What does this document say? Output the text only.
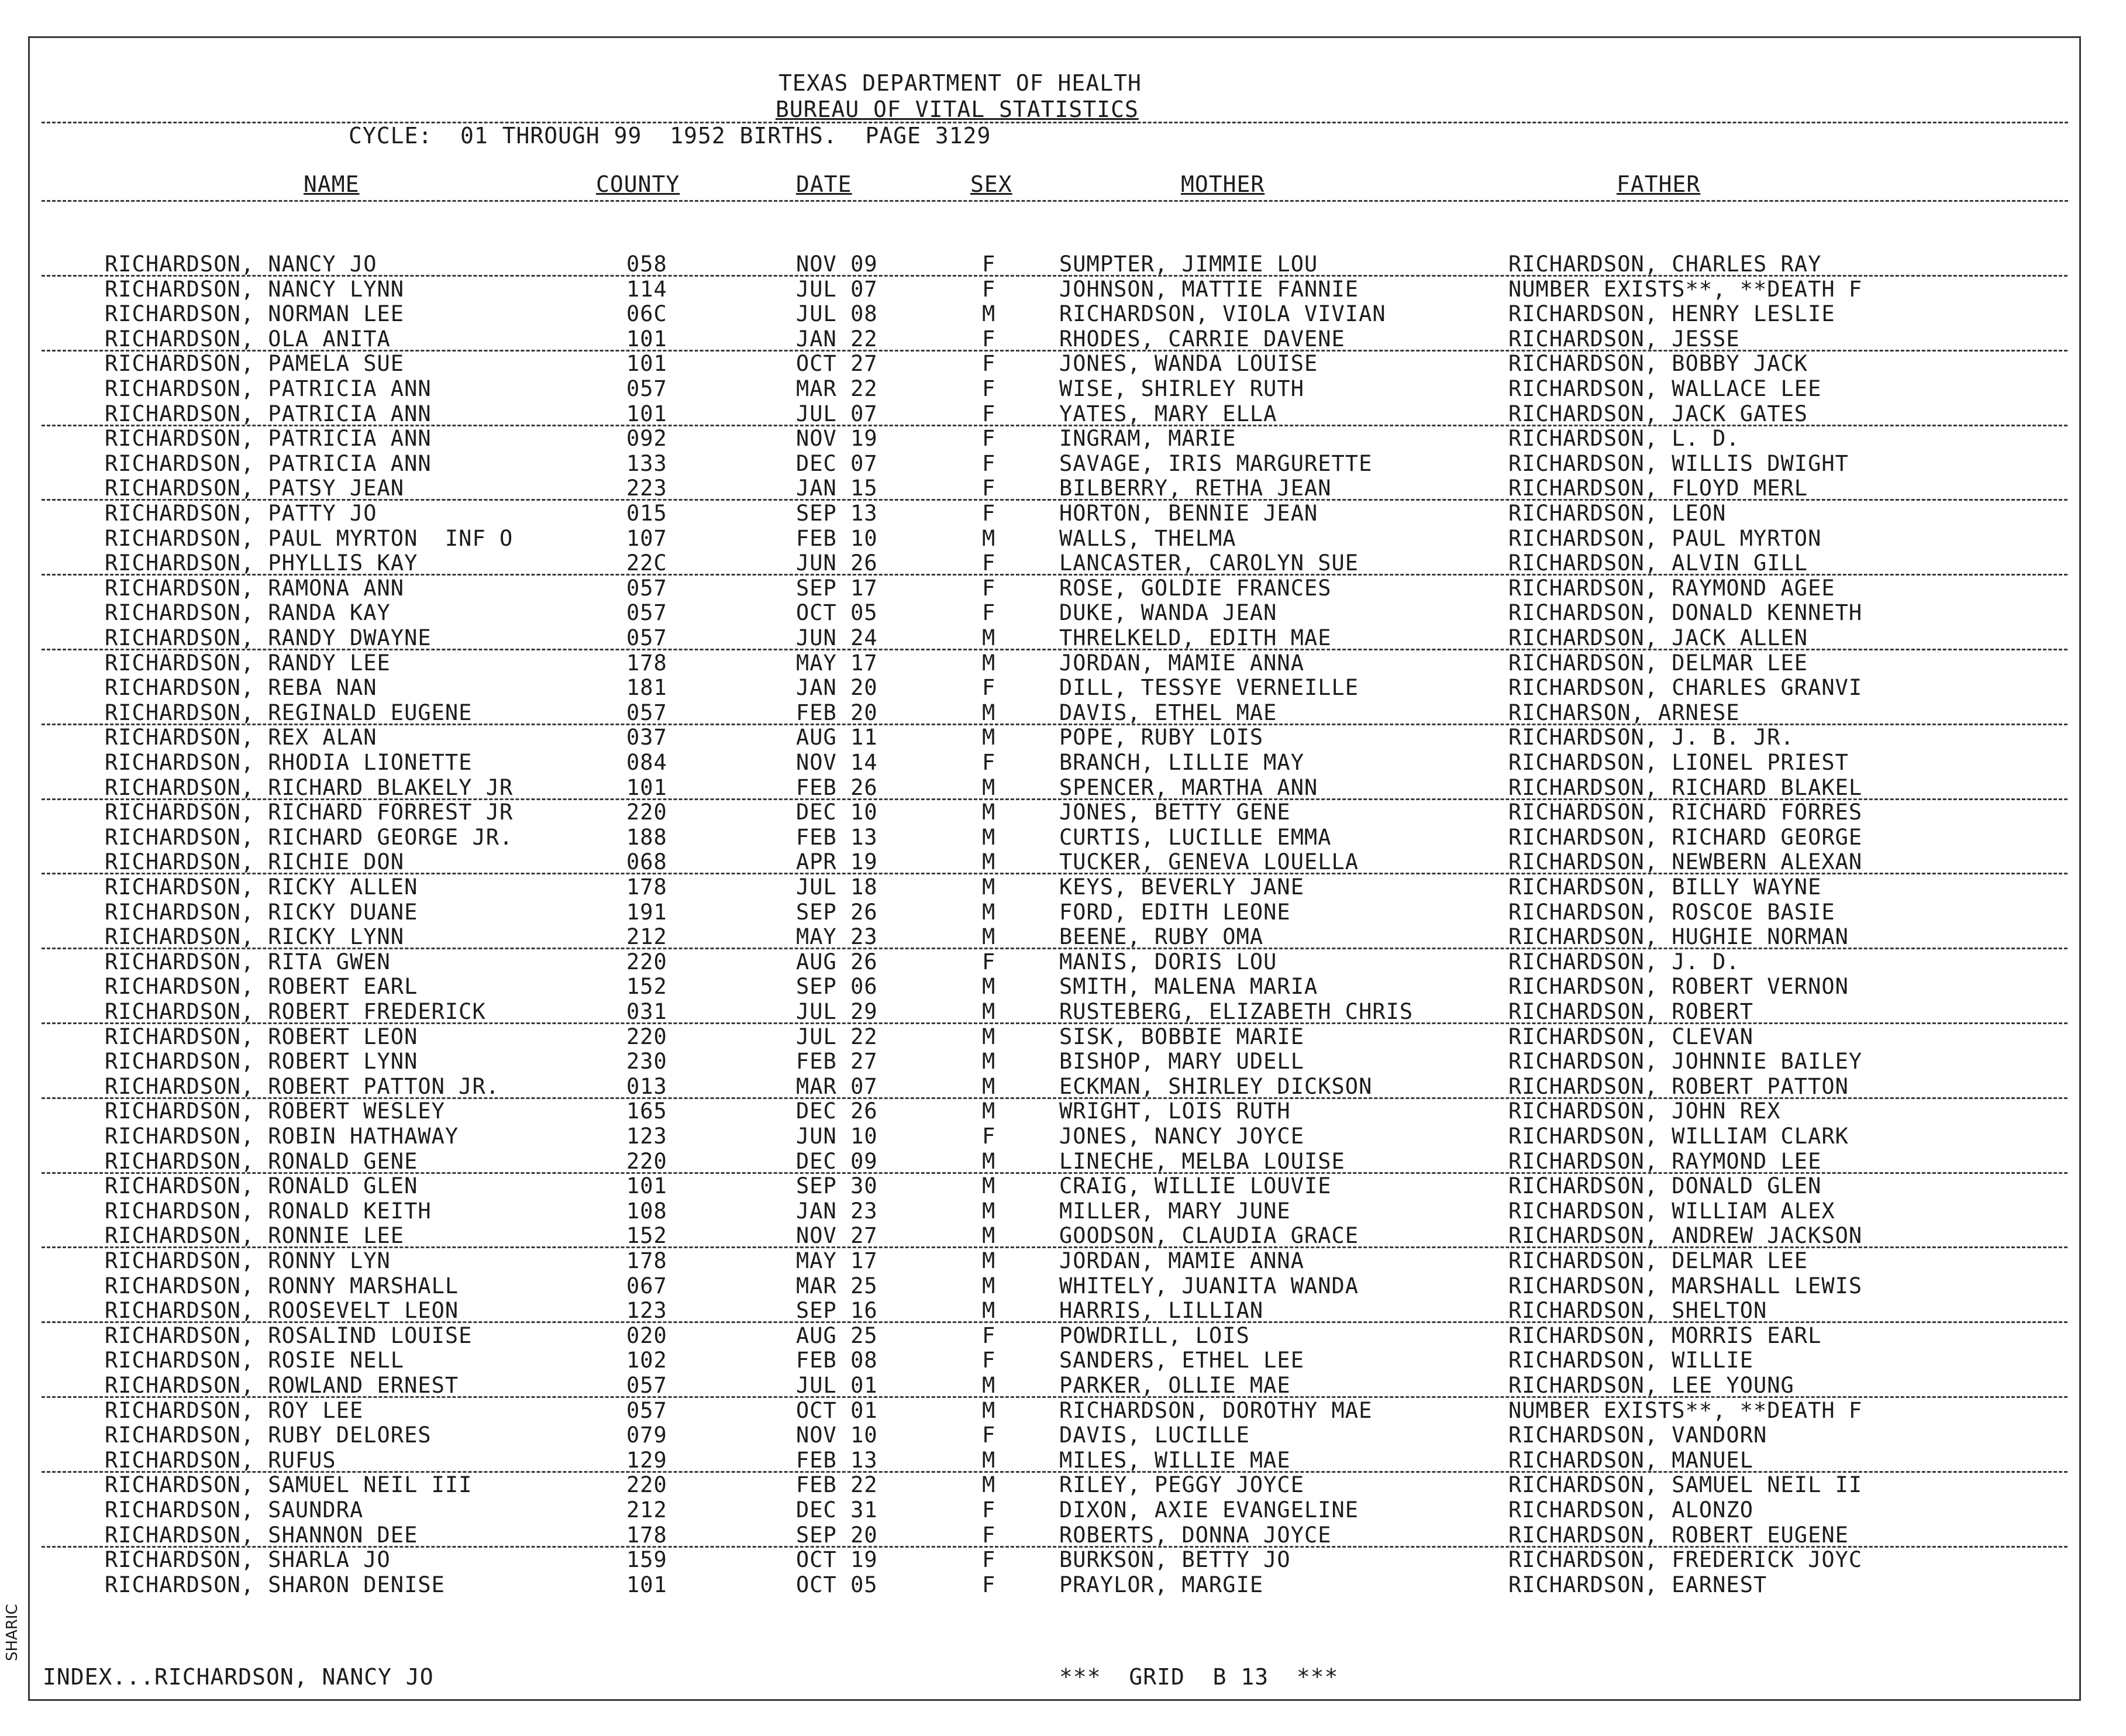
TEXAS DEPARTMENT OF HEALTH
BUREAU OF VITAL STATISTICS
CYCLE:  01 THROUGH 99  1952 BIRTHS.  PAGE 3129
NAME	COUNTY	DATE	SEX	MOTHER	FATHER
RICHARDSON, NANCY JO	058	NOV 09	F	SUMPTER, JIMMIE LOU	RICHARDSON, CHARLES RAY
RICHARDSON, NANCY LYNN	114	JUL 07	F	JOHNSON, MATTIE FANNIE	NUMBER EXISTS**, **DEATH F
RICHARDSON, NORMAN LEE	06C	JUL 08	M	RICHARDSON, VIOLA VIVIAN	RICHARDSON, HENRY LESLIE
RICHARDSON, OLA ANITA	101	JAN 22	F	RHODES, CARRIE DAVENE	RICHARDSON, JESSE
RICHARDSON, PAMELA SUE	101	OCT 27	F	JONES, WANDA LOUISE	RICHARDSON, BOBBY JACK
RICHARDSON, PATRICIA ANN	057	MAR 22	F	WISE, SHIRLEY RUTH	RICHARDSON, WALLACE LEE
RICHARDSON, PATRICIA ANN	101	JUL 07	F	YATES, MARY ELLA	RICHARDSON, JACK GATES
RICHARDSON, PATRICIA ANN	092	NOV 19	F	INGRAM, MARIE	RICHARDSON, L. D.
RICHARDSON, PATRICIA ANN	133	DEC 07	F	SAVAGE, IRIS MARGURETTE	RICHARDSON, WILLIS DWIGHT
RICHARDSON, PATSY JEAN	223	JAN 15	F	BILBERRY, RETHA JEAN	RICHARDSON, FLOYD MERL
RICHARDSON, PATTY JO	015	SEP 13	F	HORTON, BENNIE JEAN	RICHARDSON, LEON
RICHARDSON, PAUL MYRTON  INF O	107	FEB 10	M	WALLS, THELMA	RICHARDSON, PAUL MYRTON
RICHARDSON, PHYLLIS KAY	22C	JUN 26	F	LANCASTER, CAROLYN SUE	RICHARDSON, ALVIN GILL
RICHARDSON, RAMONA ANN	057	SEP 17	F	ROSE, GOLDIE FRANCES	RICHARDSON, RAYMOND AGEE
RICHARDSON, RANDA KAY	057	OCT 05	F	DUKE, WANDA JEAN	RICHARDSON, DONALD KENNETH
RICHARDSON, RANDY DWAYNE	057	JUN 24	M	THRELKELD, EDITH MAE	RICHARDSON, JACK ALLEN
RICHARDSON, RANDY LEE	178	MAY 17	M	JORDAN, MAMIE ANNA	RICHARDSON, DELMAR LEE
RICHARDSON, REBA NAN	181	JAN 20	F	DILL, TESSYE VERNEILLE	RICHARDSON, CHARLES GRANVI
RICHARDSON, REGINALD EUGENE	057	FEB 20	M	DAVIS, ETHEL MAE	RICHARSON, ARNESE
RICHARDSON, REX ALAN	037	AUG 11	M	POPE, RUBY LOIS	RICHARDSON, J. B. JR.
RICHARDSON, RHODIA LIONETTE	084	NOV 14	F	BRANCH, LILLIE MAY	RICHARDSON, LIONEL PRIEST
RICHARDSON, RICHARD BLAKELY JR	101	FEB 26	M	SPENCER, MARTHA ANN	RICHARDSON, RICHARD BLAKEL
RICHARDSON, RICHARD FORREST JR	220	DEC 10	M	JONES, BETTY GENE	RICHARDSON, RICHARD FORRES
RICHARDSON, RICHARD GEORGE JR.	188	FEB 13	M	CURTIS, LUCILLE EMMA	RICHARDSON, RICHARD GEORGE
RICHARDSON, RICHIE DON	068	APR 19	M	TUCKER, GENEVA LOUELLA	RICHARDSON, NEWBERN ALEXAN
RICHARDSON, RICKY ALLEN	178	JUL 18	M	KEYS, BEVERLY JANE	RICHARDSON, BILLY WAYNE
RICHARDSON, RICKY DUANE	191	SEP 26	M	FORD, EDITH LEONE	RICHARDSON, ROSCOE BASIE
RICHARDSON, RICKY LYNN	212	MAY 23	M	BEENE, RUBY OMA	RICHARDSON, HUGHIE NORMAN
RICHARDSON, RITA GWEN	220	AUG 26	F	MANIS, DORIS LOU	RICHARDSON, J. D.
RICHARDSON, ROBERT EARL	152	SEP 06	M	SMITH, MALENA MARIA	RICHARDSON, ROBERT VERNON
RICHARDSON, ROBERT FREDERICK	031	JUL 29	M	RUSTEBERG, ELIZABETH CHRIS	RICHARDSON, ROBERT
RICHARDSON, ROBERT LEON	220	JUL 22	M	SISK, BOBBIE MARIE	RICHARDSON, CLEVAN
RICHARDSON, ROBERT LYNN	230	FEB 27	M	BISHOP, MARY UDELL	RICHARDSON, JOHNNIE BAILEY
RICHARDSON, ROBERT PATTON JR.	013	MAR 07	M	ECKMAN, SHIRLEY DICKSON	RICHARDSON, ROBERT PATTON
RICHARDSON, ROBERT WESLEY	165	DEC 26	M	WRIGHT, LOIS RUTH	RICHARDSON, JOHN REX
RICHARDSON, ROBIN HATHAWAY	123	JUN 10	F	JONES, NANCY JOYCE	RICHARDSON, WILLIAM CLARK
RICHARDSON, RONALD GENE	220	DEC 09	M	LINECHE, MELBA LOUISE	RICHARDSON, RAYMOND LEE
RICHARDSON, RONALD GLEN	101	SEP 30	M	CRAIG, WILLIE LOUVIE	RICHARDSON, DONALD GLEN
RICHARDSON, RONALD KEITH	108	JAN 23	M	MILLER, MARY JUNE	RICHARDSON, WILLIAM ALEX
RICHARDSON, RONNIE LEE	152	NOV 27	M	GOODSON, CLAUDIA GRACE	RICHARDSON, ANDREW JACKSON
RICHARDSON, RONNY LYN	178	MAY 17	M	JORDAN, MAMIE ANNA	RICHARDSON, DELMAR LEE
RICHARDSON, RONNY MARSHALL	067	MAR 25	M	WHITELY, JUANITA WANDA	RICHARDSON, MARSHALL LEWIS
RICHARDSON, ROOSEVELT LEON	123	SEP 16	M	HARRIS, LILLIAN	RICHARDSON, SHELTON
RICHARDSON, ROSALIND LOUISE	020	AUG 25	F	POWDRILL, LOIS	RICHARDSON, MORRIS EARL
RICHARDSON, ROSIE NELL	102	FEB 08	F	SANDERS, ETHEL LEE	RICHARDSON, WILLIE
RICHARDSON, ROWLAND ERNEST	057	JUL 01	M	PARKER, OLLIE MAE	RICHARDSON, LEE YOUNG
RICHARDSON, ROY LEE	057	OCT 01	M	RICHARDSON, DOROTHY MAE	NUMBER EXISTS**, **DEATH F
RICHARDSON, RUBY DELORES	079	NOV 10	F	DAVIS, LUCILLE	RICHARDSON, VANDORN
RICHARDSON, RUFUS	129	FEB 13	M	MILES, WILLIE MAE	RICHARDSON, MANUEL
RICHARDSON, SAMUEL NEIL III	220	FEB 22	M	RILEY, PEGGY JOYCE	RICHARDSON, SAMUEL NEIL II
RICHARDSON, SAUNDRA	212	DEC 31	F	DIXON, AXIE EVANGELINE	RICHARDSON, ALONZO
RICHARDSON, SHANNON DEE	178	SEP 20	F	ROBERTS, DONNA JOYCE	RICHARDSON, ROBERT EUGENE
RICHARDSON, SHARLA JO	159	OCT 19	F	BURKSON, BETTY JO	RICHARDSON, FREDERICK JOYC
RICHARDSON, SHARON DENISE	101	OCT 05	F	PRAYLOR, MARGIE	RICHARDSON, EARNEST
INDEX...RICHARDSON, NANCY JO	***  GRID  B 13  ***
SHARIC
